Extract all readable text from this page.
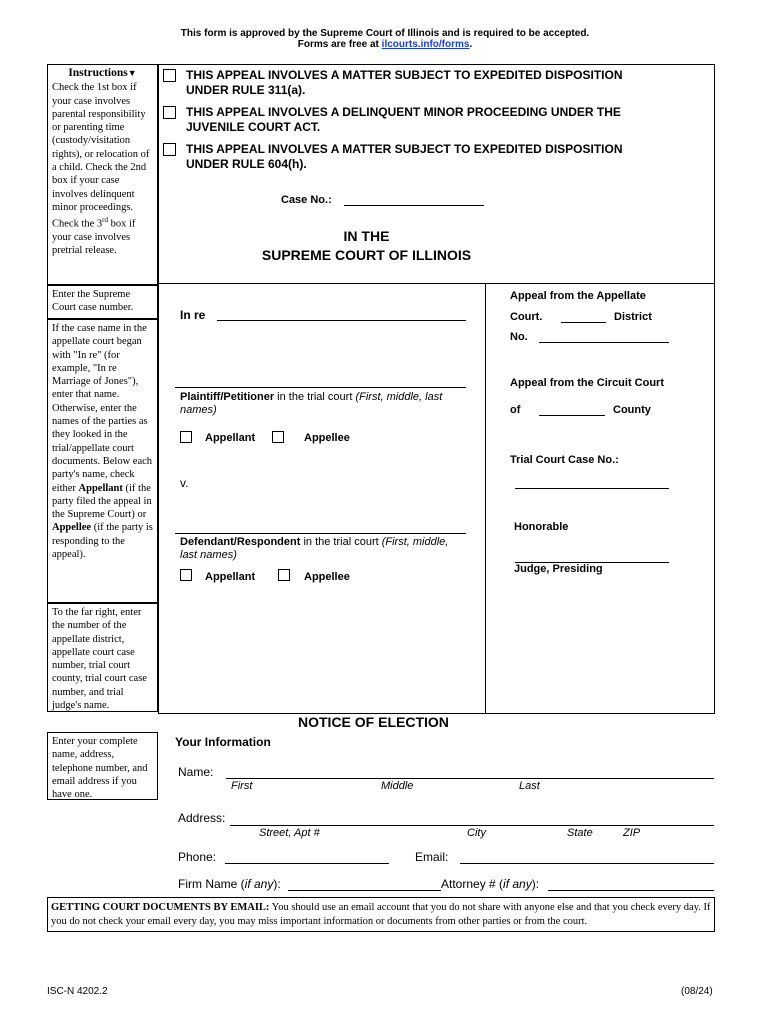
This form is approved by the Supreme Court of Illinois and is required to be accepted.
Forms are free at ilcourts.info/forms.
Instructions▼
Check the 1st box if your case involves parental responsibility or parenting time (custody/visitation rights), or relocation of a child. Check the 2nd box if your case involves delinquent minor proceedings. Check the 3rd box if your case involves pretrial release.
Enter the Supreme Court case number.
If the case name in the appellate court began with "In re" (for example, "In re Marriage of Jones"), enter that name. Otherwise, enter the names of the parties as they looked in the trial/appellate court documents. Below each party's name, check either Appellant (if the party filed the appeal in the Supreme Court) or Appellee (if the party is responding to the appeal).
To the far right, enter the number of the appellate district, appellate court case number, trial court county, trial court case number, and trial judge's name.
Enter your complete name, address, telephone number, and email address if you have one.
THIS APPEAL INVOLVES A MATTER SUBJECT TO EXPEDITED DISPOSITION
UNDER RULE 311(a).
THIS APPEAL INVOLVES A DELINQUENT MINOR PROCEEDING UNDER THE
JUVENILE COURT ACT.
THIS APPEAL INVOLVES A MATTER SUBJECT TO EXPEDITED DISPOSITION
UNDER RULE 604(h).
Case No.:
IN THE
SUPREME COURT OF ILLINOIS
In re
Plaintiff/Petitioner in the trial court (First, middle, last names)
Appellant	Appellee
v.
Defendant/Respondent in the trial court (First, middle, last names)
Appellant	Appellee
Appeal from the Appellate
Court.	District
No.
Appeal from the Circuit Court
of	County
Trial Court Case No.:
Honorable
Judge, Presiding
NOTICE OF ELECTION
Your Information
Name:
First	Middle	Last
Address:
Street, Apt #	City	State	ZIP
Phone:	Email:
Firm Name (if any):	Attorney # (if any):
GETTING COURT DOCUMENTS BY EMAIL: You should use an email account that you do not share with anyone else and that you check every day. If you do not check your email every day, you may miss important information or documents from other parties or from the court.
ISC-N 4202.2	(08/24)
